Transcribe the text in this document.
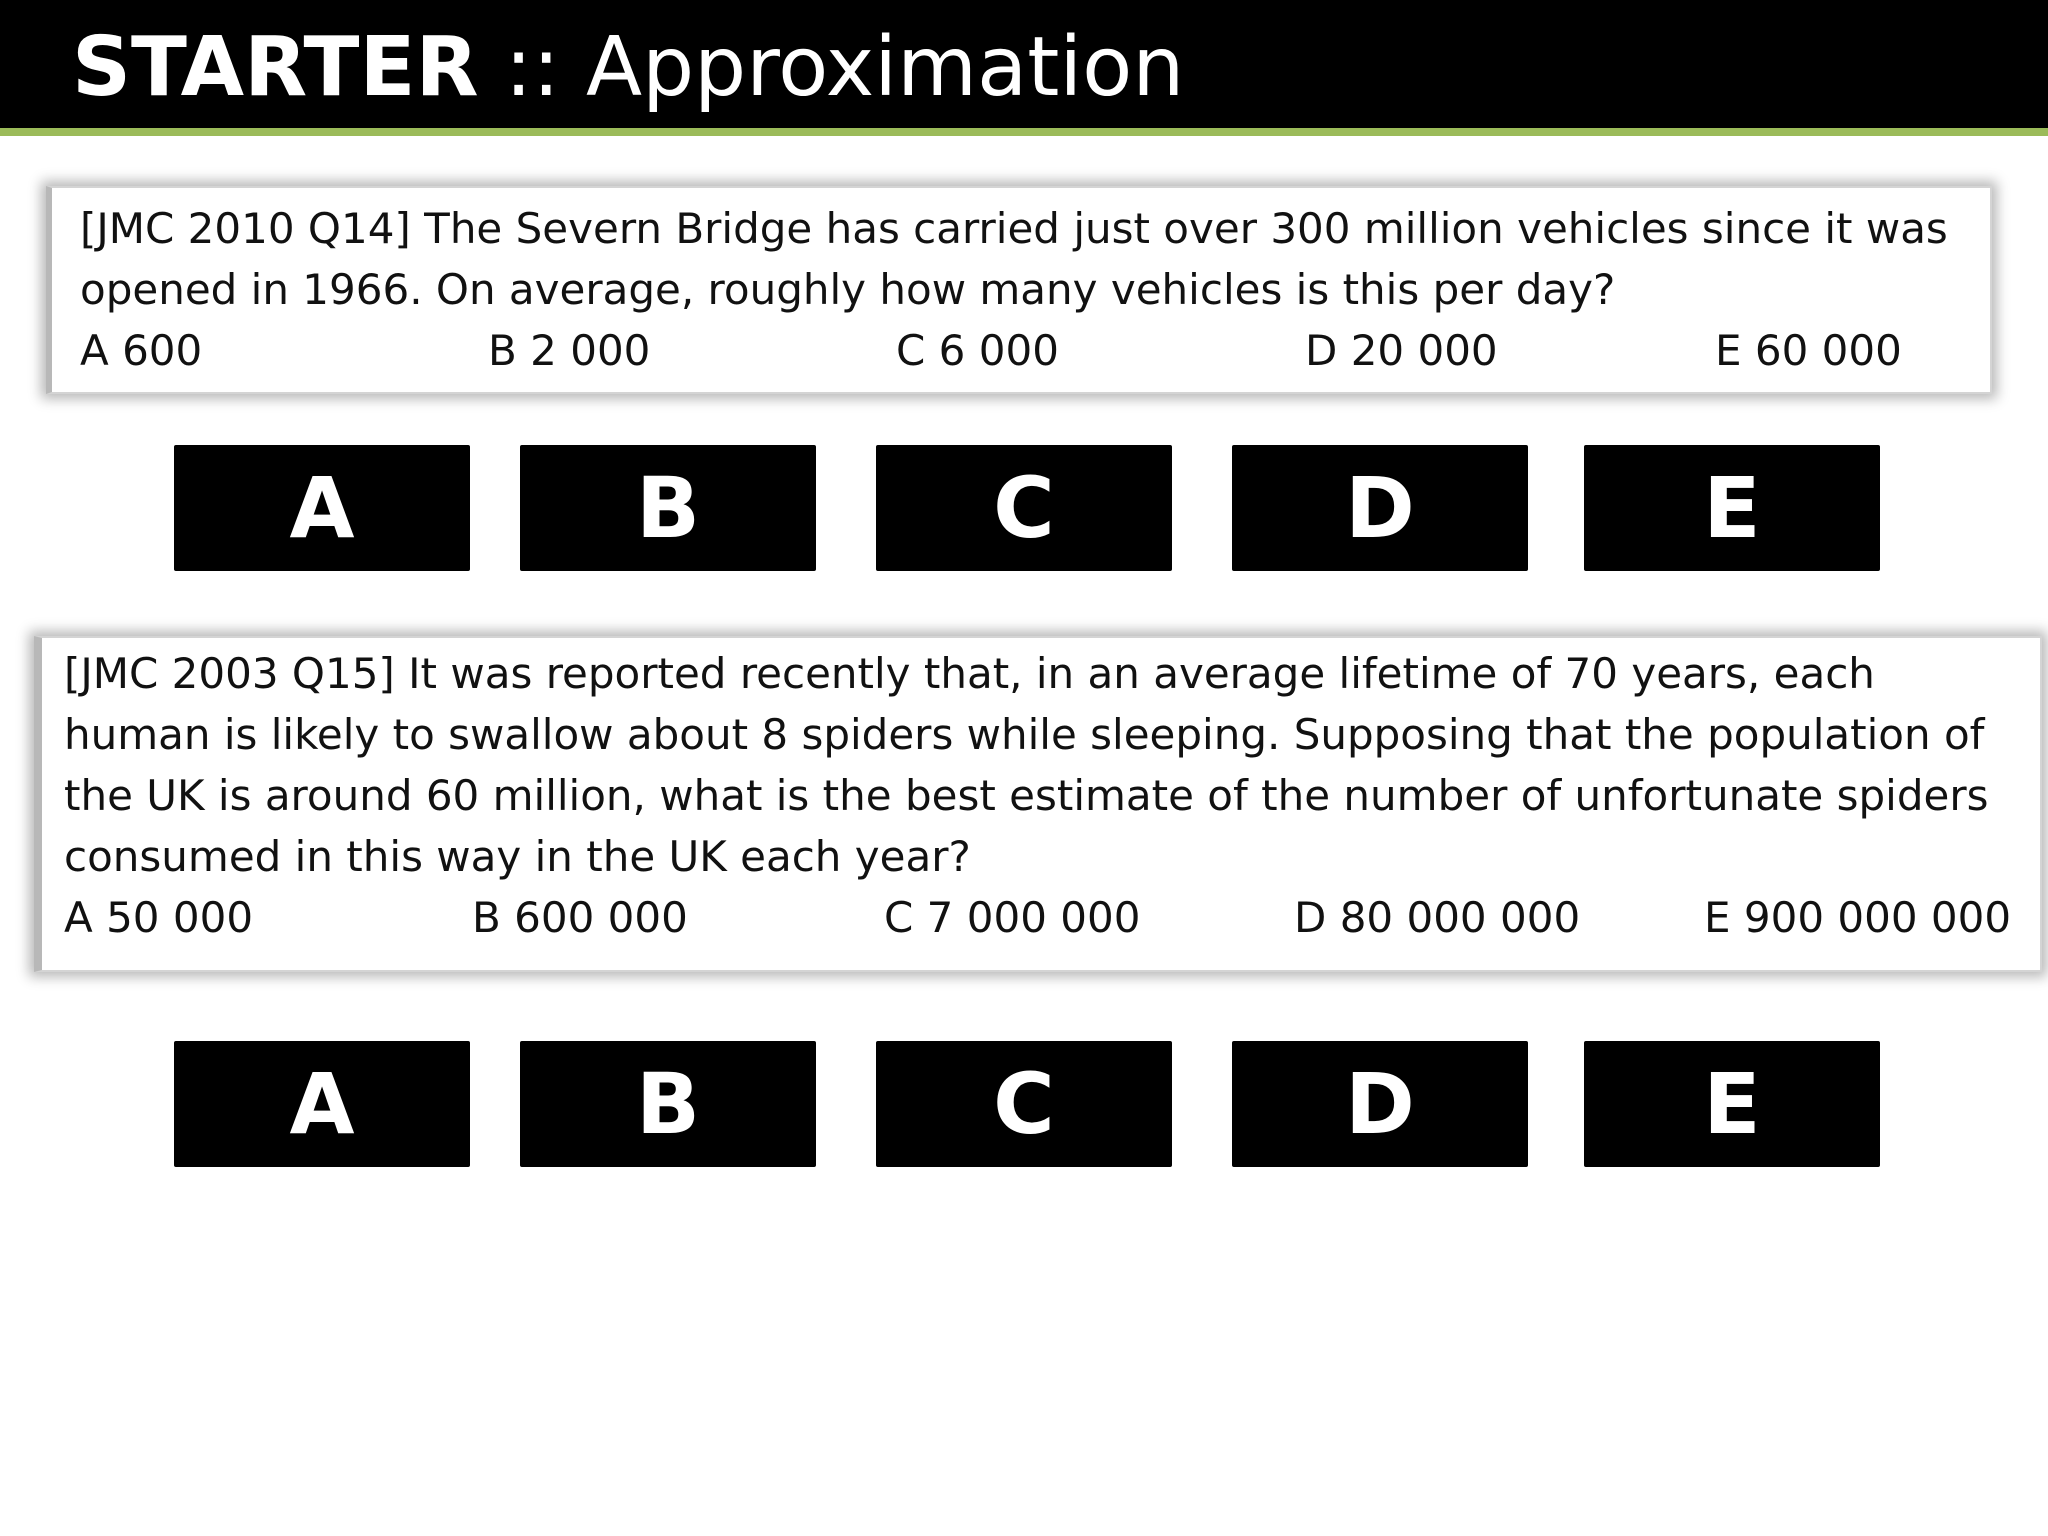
STARTER :: Approximation
[JMC 2010 Q14] The Severn Bridge has carried just over 300 million vehicles since it was
opened in 1966. On average, roughly how many vehicles is this per day?
A 600	B 2 000	C 6 000	D 20 000	E 60 000
A	B	C	D	E
[JMC 2003 Q15] It was reported recently that, in an average lifetime of 70 years, each
human is likely to swallow about 8 spiders while sleeping. Supposing that the population of
the UK is around 60 million, what is the best estimate of the number of unfortunate spiders
consumed in this way in the UK each year?
A 50 000	B 600 000	C 7 000 000	D 80 000 000	E 900 000 000
A	B	C	D	E
